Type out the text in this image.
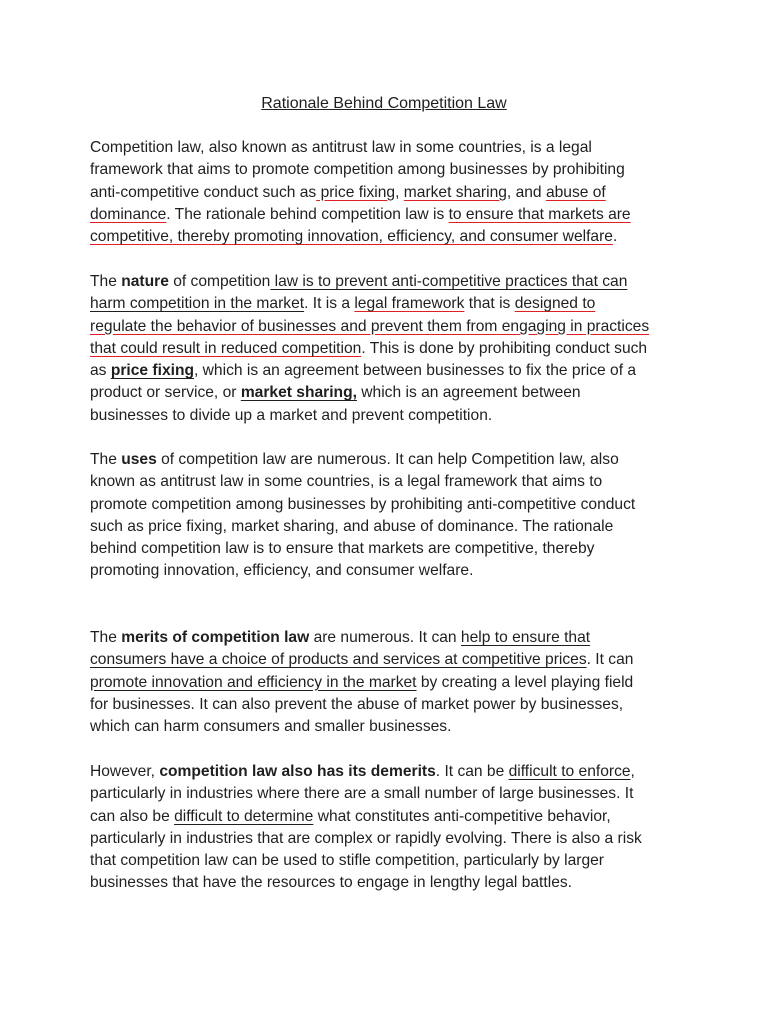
Rationale Behind Competition Law

Competition law, also known as antitrust law in some countries, is a legal
framework that aims to promote competition among businesses by prohibiting
anti-competitive conduct such as price fixing, market sharing, and abuse of
dominance. The rationale behind competition law is to ensure that markets are
competitive, thereby promoting innovation, efficiency, and consumer welfare.

The nature of competition law is to prevent anti-competitive practices that can
harm competition in the market. It is a legal framework that is designed to
regulate the behavior of businesses and prevent them from engaging in practices
that could result in reduced competition. This is done by prohibiting conduct such
as price fixing, which is an agreement between businesses to fix the price of a
product or service, or market sharing, which is an agreement between
businesses to divide up a market and prevent competition.

The uses of competition law are numerous. It can help Competition law, also
known as antitrust law in some countries, is a legal framework that aims to
promote competition among businesses by prohibiting anti-competitive conduct
such as price fixing, market sharing, and abuse of dominance. The rationale
behind competition law is to ensure that markets are competitive, thereby
promoting innovation, efficiency, and consumer welfare.

The merits of competition law are numerous. It can help to ensure that
consumers have a choice of products and services at competitive prices. It can
promote innovation and efficiency in the market by creating a level playing field
for businesses. It can also prevent the abuse of market power by businesses,
which can harm consumers and smaller businesses.

However, competition law also has its demerits. It can be difficult to enforce,
particularly in industries where there are a small number of large businesses. It
can also be difficult to determine what constitutes anti-competitive behavior,
particularly in industries that are complex or rapidly evolving. There is also a risk
that competition law can be used to stifle competition, particularly by larger
businesses that have the resources to engage in lengthy legal battles.
